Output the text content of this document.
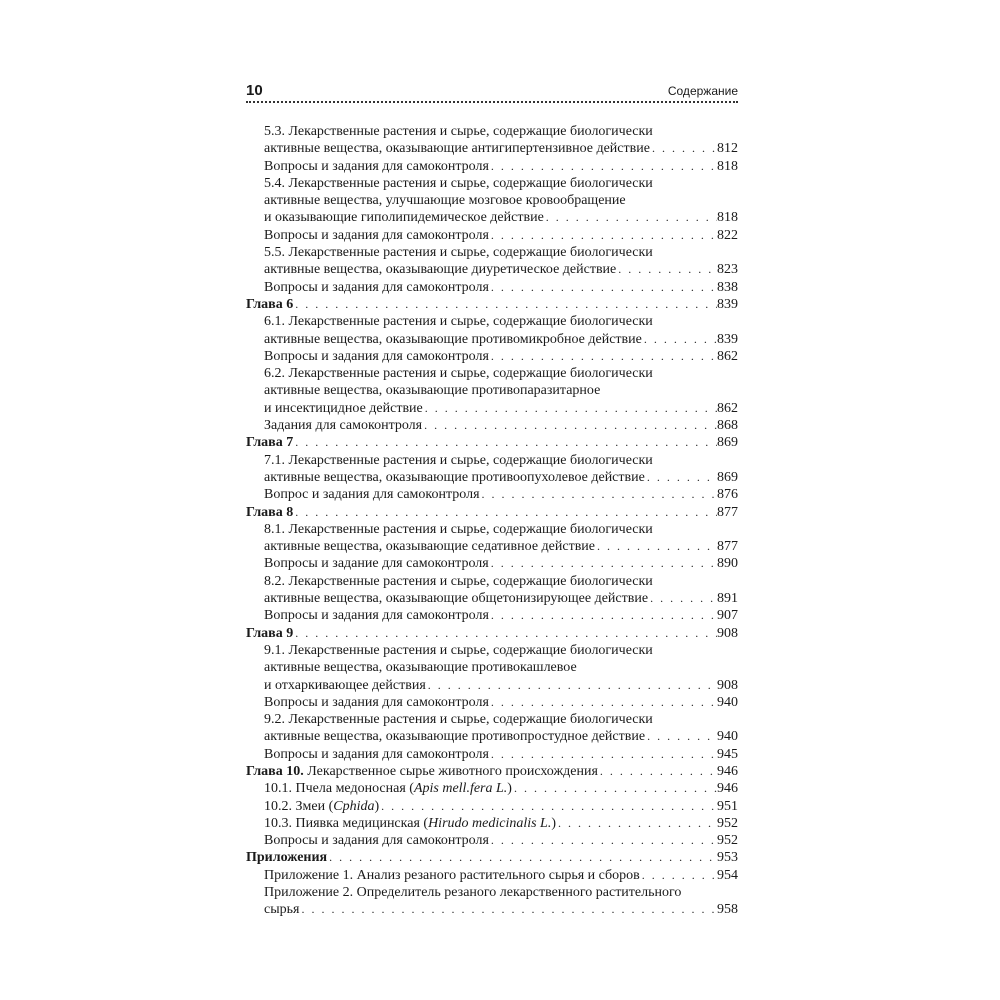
10	Содержание
5.3. Лекарственные растения и сырье, содержащие биологически
активные вещества, оказывающие антигипертензивное действие . . .	812
Вопросы и задания для самоконтроля . . .	818
5.4. Лекарственные растения и сырье, содержащие биологически
активные вещества, улучшающие мозговое кровообращение
и оказывающие гиполипидемическое действие . . .	818
Вопросы и задания для самоконтроля . . .	822
5.5. Лекарственные растения и сырье, содержащие биологически
активные вещества, оказывающие диуретическое действие . . .	823
Вопросы и задания для самоконтроля . . .	838
Глава 6 . . .	839
6.1. Лекарственные растения и сырье, содержащие биологически
активные вещества, оказывающие противомикробное действие . . .	839
Вопросы и задания для самоконтроля . . .	862
6.2. Лекарственные растения и сырье, содержащие биологически
активные вещества, оказывающие противопаразитарное
и инсектицидное действие . . .	862
Задания для самоконтроля . . .	868
Глава 7 . . .	869
7.1. Лекарственные растения и сырье, содержащие биологически
активные вещества, оказывающие противоопухолевое действие . . .	869
Вопрос и задания для самоконтроля . . .	876
Глава 8 . . .	877
8.1. Лекарственные растения и сырье, содержащие биологически
активные вещества, оказывающие седативное действие . . .	877
Вопросы и задание для самоконтроля . . .	890
8.2. Лекарственные растения и сырье, содержащие биологически
активные вещества, оказывающие общетонизирующее действие . . .	891
Вопросы и задания для самоконтроля . . .	907
Глава 9 . . .	908
9.1. Лекарственные растения и сырье, содержащие биологически
активные вещества, оказывающие противокашлевое
и отхаркивающее действия . . .	908
Вопросы и задания для самоконтроля . . .	940
9.2. Лекарственные растения и сырье, содержащие биологически
активные вещества, оказывающие противопростудное действие . . .	940
Вопросы и задания для самоконтроля . . .	945
Глава 10. Лекарственное сырье животного происхождения . . .	946
10.1. Пчела медоносная (Apis mell.fera L.) . . .	946
10.2. Змеи (Cphida) . . .	951
10.3. Пиявка медицинская (Hirudo medicinalis L.) . . .	952
Вопросы и задания для самоконтроля . . .	952
Приложения . . .	953
Приложение 1. Анализ резаного растительного сырья и сборов . . .	954
Приложение 2. Определитель резаного лекарственного растительного
сырья . . .	958
